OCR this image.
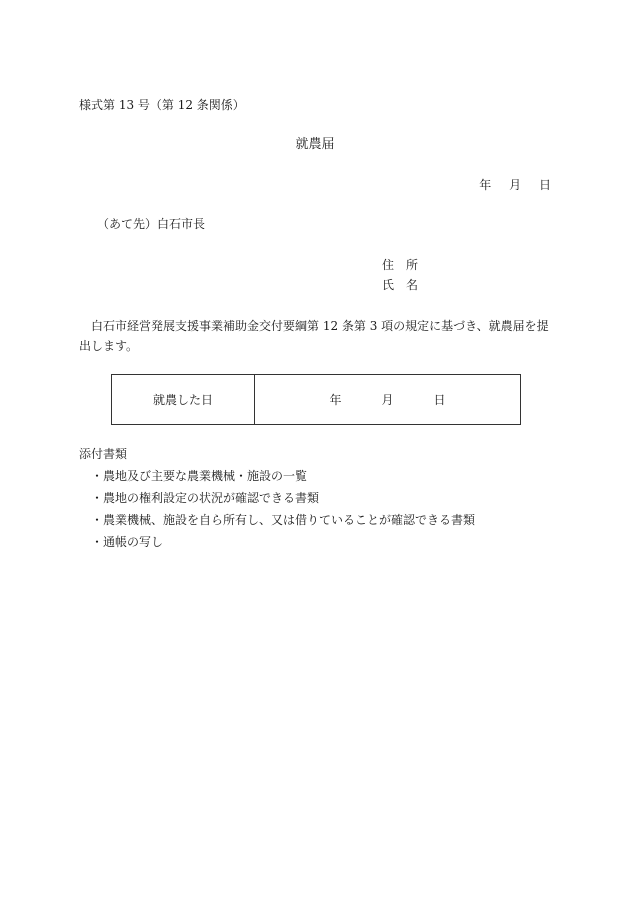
様式第 13 号（第 12 条関係）
就農届
年 月 日
（あて先）白石市長
住 所
氏 名
白石市経営発展支援事業補助金交付要綱第 12 条第 3 項の規定に基づき、就農届を提出します。
就農した日	年	月	日
添付書類
・農地及び主要な農業機械・施設の一覧
・農地の権利設定の状況が確認できる書類
・農業機械、施設を自ら所有し、又は借りていることが確認できる書類
・通帳の写し
